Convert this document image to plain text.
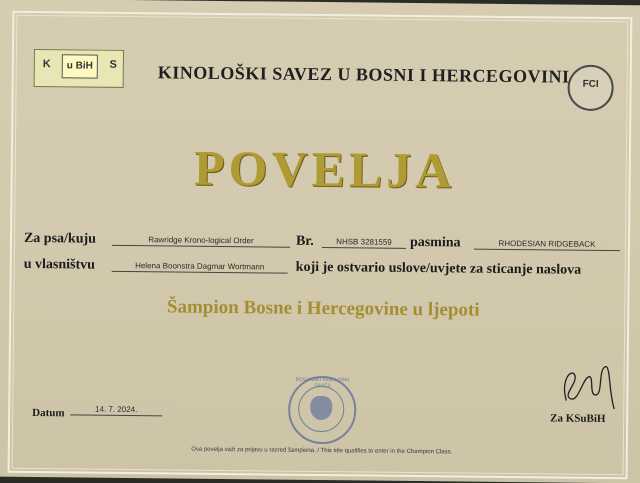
K	u BiH	S KINOLOŠKI SAVEZ U BOSNI I HERCEGOVINI	FCI
POVELJA
Za psa/kuju	Rawridge Krono-logical Order	Br.	NHSB 3281559	pasmina	RHODESIAN RIDGEBACK
u vlasništvu	Helena Boonstra Dagmar Wortmann	koji je ostvario uslove/uvjete za sticanje naslova
Šampion Bosne i Hercegovine u ljepoti
BOSANSKI KINOLOŠKI SAVEZ
Datum	14. 7. 2024.
Za KSuBiH
Ova povelja važi za prijavu u razred šampiona. / This title qualifies to enter in the Champion Class.
